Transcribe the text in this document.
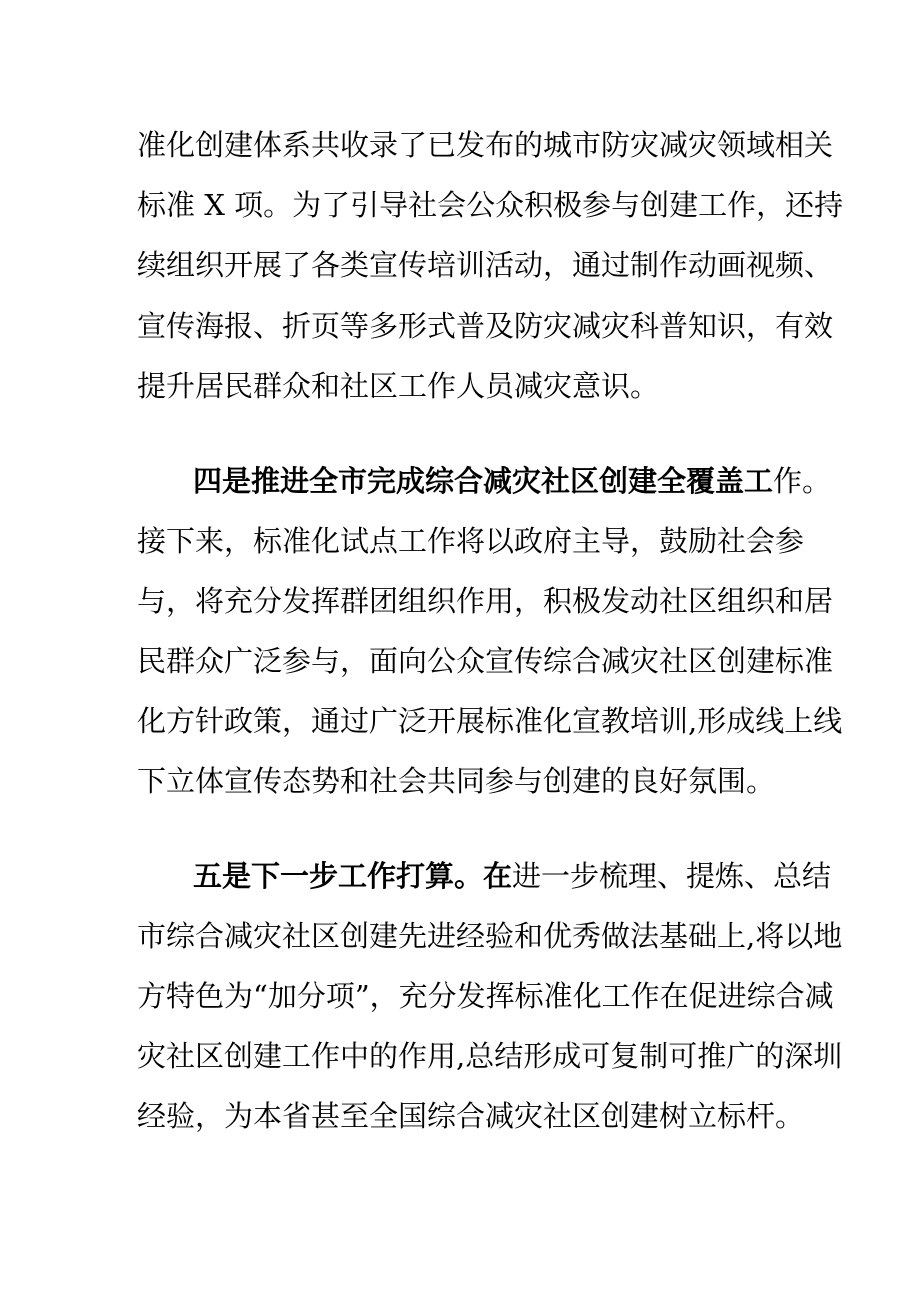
准化创建体系共收录了已发布的城市防灾减灾领域相关
标准 X 项。为了引导社会公众积极参与创建工作，还持
续组织开展了各类宣传培训活动，通过制作动画视频、
宣传海报、折页等多形式普及防灾减灾科普知识，有效
提升居民群众和社区工作人员减灾意识。
四是推进全市完成综合减灾社区创建全覆盖工作。
接下来，标准化试点工作将以政府主导，鼓励社会参
与，将充分发挥群团组织作用，积极发动社区组织和居
民群众广泛参与，面向公众宣传综合减灾社区创建标准
化方针政策，通过广泛开展标准化宣教培训,形成线上线
下立体宣传态势和社会共同参与创建的良好氛围。
五是下一步工作打算。在进一步梳理、提炼、总结
市综合减灾社区创建先进经验和优秀做法基础上,将以地
方特色为“加分项”，充分发挥标准化工作在促进综合减
灾社区创建工作中的作用,总结形成可复制可推广的深圳
经验，为本省甚至全国综合减灾社区创建树立标杆。
